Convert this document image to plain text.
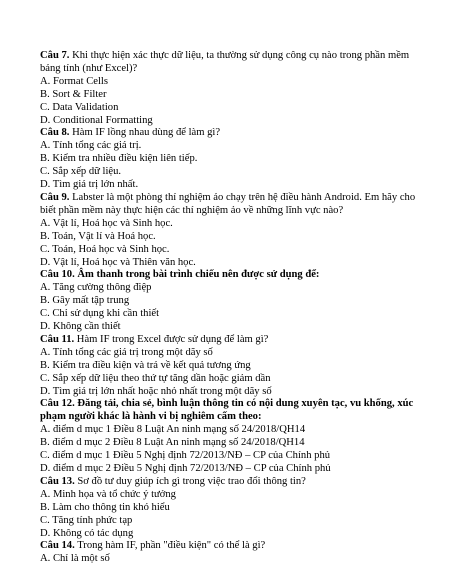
Câu 7. Khi thực hiện xác thực dữ liệu, ta thường sử dụng công cụ nào trong phần mềm bảng tính (như Excel)?

A. Format Cells

B. Sort & Filter

C. Data Validation

D. Conditional Formatting

Câu 8. Hàm IF lồng nhau dùng để làm gì?

A. Tính tổng các giá trị.

B. Kiểm tra nhiều điều kiện liên tiếp.

C. Sắp xếp dữ liệu.

D. Tìm giá trị lớn nhất.

Câu 9. Labster là một phòng thí nghiệm ảo chạy trên hệ điều hành Android. Em hãy cho biết phần mềm này thực hiện các thí nghiệm ảo về những lĩnh vực nào?

A. Vật lí, Hoá học và Sinh học.

B. Toán, Vật lí và Hoá học.

C. Toán, Hoá học và Sinh học.

D. Vật lí, Hoá học và Thiên văn học.

Câu 10. Âm thanh trong bài trình chiếu nên được sử dụng để:

A. Tăng cường thông điệp

B. Gây mất tập trung

C. Chỉ sử dụng khi cần thiết

D. Không cần thiết

Câu 11. Hàm IF trong Excel được sử dụng để làm gì?

A. Tính tổng các giá trị trong một dãy số

B. Kiểm tra điều kiện và trả về kết quả tương ứng

C. Sắp xếp dữ liệu theo thứ tự tăng dần hoặc giảm dần

D. Tìm giá trị lớn nhất hoặc nhỏ nhất trong một dãy số

Câu 12. Đăng tải, chia sẻ, bình luận thông tin có nội dung xuyên tạc, vu khống, xúc phạm người khác là hành vi bị nghiêm cấm theo:

A. điểm d mục 1 Điều 8 Luật An ninh mạng số 24/2018/QH14

B. điểm d mục 2 Điều 8 Luật An ninh mạng số 24/2018/QH14

C. điểm d mục 1 Điều 5 Nghị định 72/2013/NĐ – CP của Chính phủ

D. điểm d mục 2 Điều 5 Nghị định 72/2013/NĐ – CP của Chính phủ

Câu 13. Sơ đồ tư duy giúp ích gì trong việc trao đổi thông tin?

A. Minh họa và tổ chức ý tưởng

B. Làm cho thông tin khó hiểu

C. Tăng tính phức tạp

D. Không có tác dụng

Câu 14. Trong hàm IF, phần "điều kiện" có thể là gì?

A. Chỉ là một số
